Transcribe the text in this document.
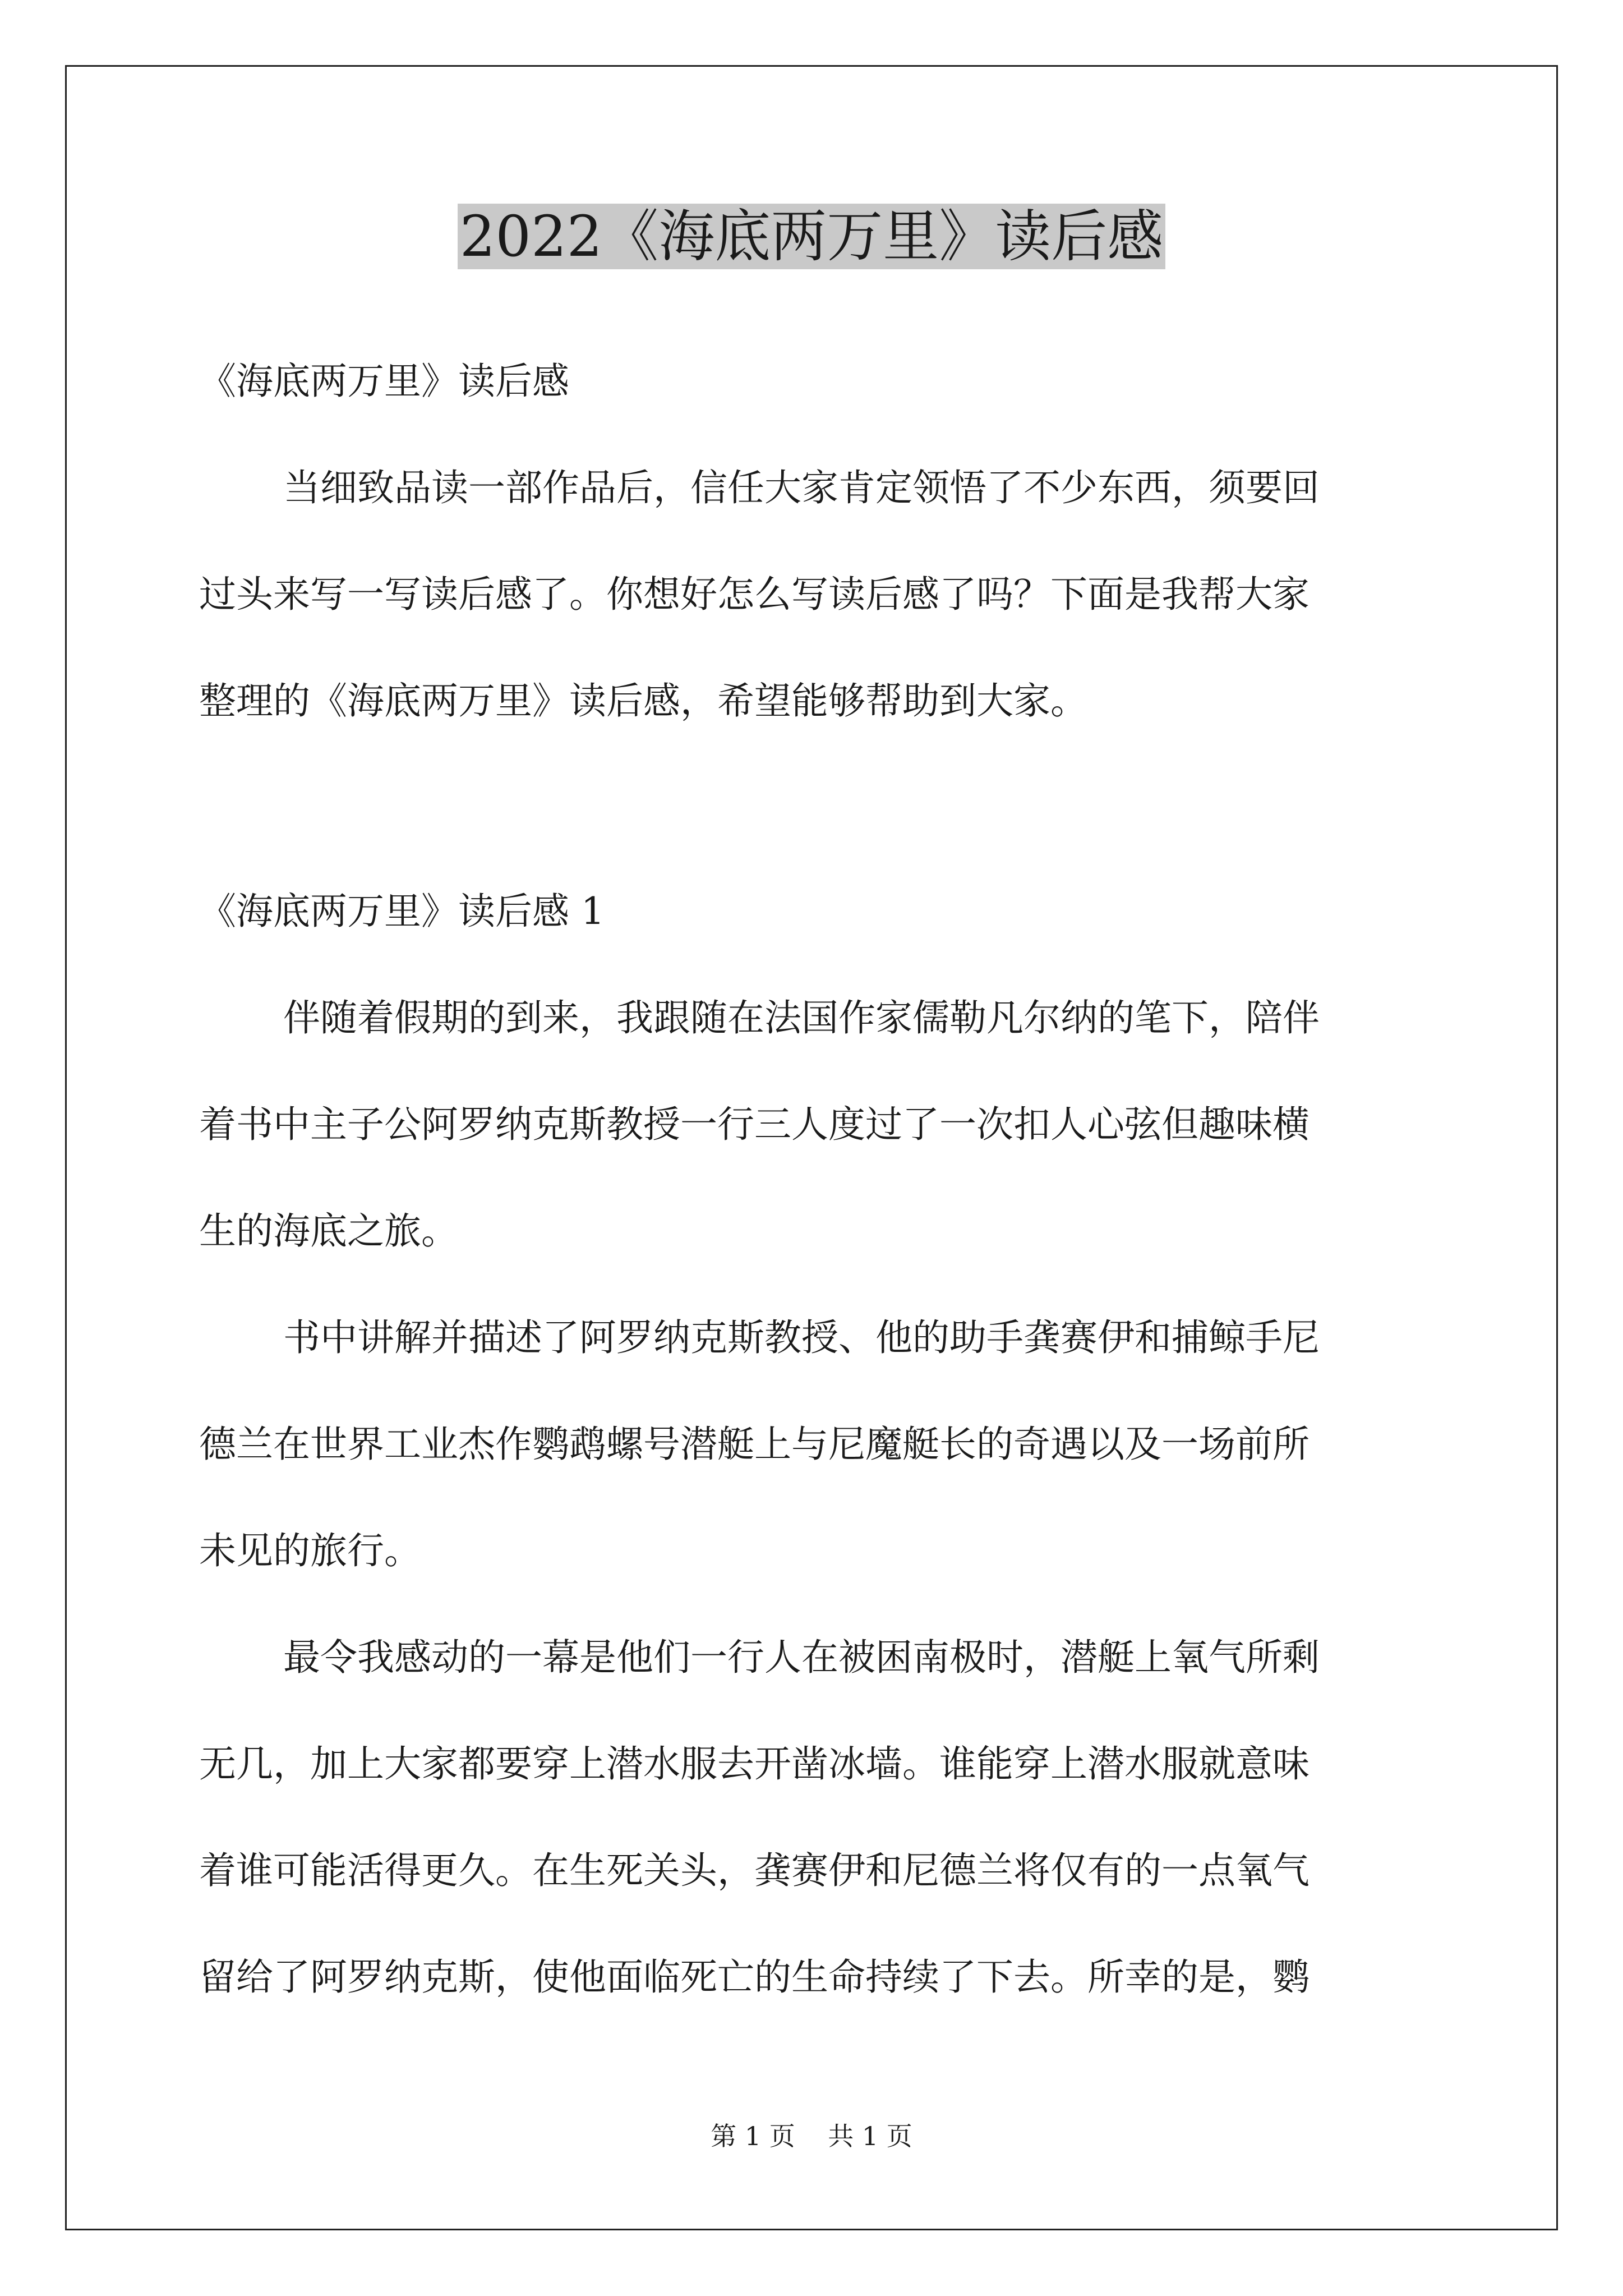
2022《海底两万里》读后感
《海底两万里》读后感
当细致品读一部作品后，信任大家肯定领悟了不少东西，须要回
过头来写一写读后感了。你想好怎么写读后感了吗？下面是我帮大家
整理的《海底两万里》读后感，希望能够帮助到大家。
《海底两万里》读后感 1
伴随着假期的到来，我跟随在法国作家儒勒凡尔纳的笔下，陪伴
着书中主子公阿罗纳克斯教授一行三人度过了一次扣人心弦但趣味横
生的海底之旅。
书中讲解并描述了阿罗纳克斯教授、他的助手龚赛伊和捕鲸手尼
德兰在世界工业杰作鹦鹉螺号潜艇上与尼魔艇长的奇遇以及一场前所
未见的旅行。
最令我感动的一幕是他们一行人在被困南极时，潜艇上氧气所剩
无几，加上大家都要穿上潜水服去开凿冰墙。谁能穿上潜水服就意味
着谁可能活得更久。在生死关头，龚赛伊和尼德兰将仅有的一点氧气
留给了阿罗纳克斯，使他面临死亡的生命持续了下去。所幸的是，鹦
第 1 页    共 1 页
